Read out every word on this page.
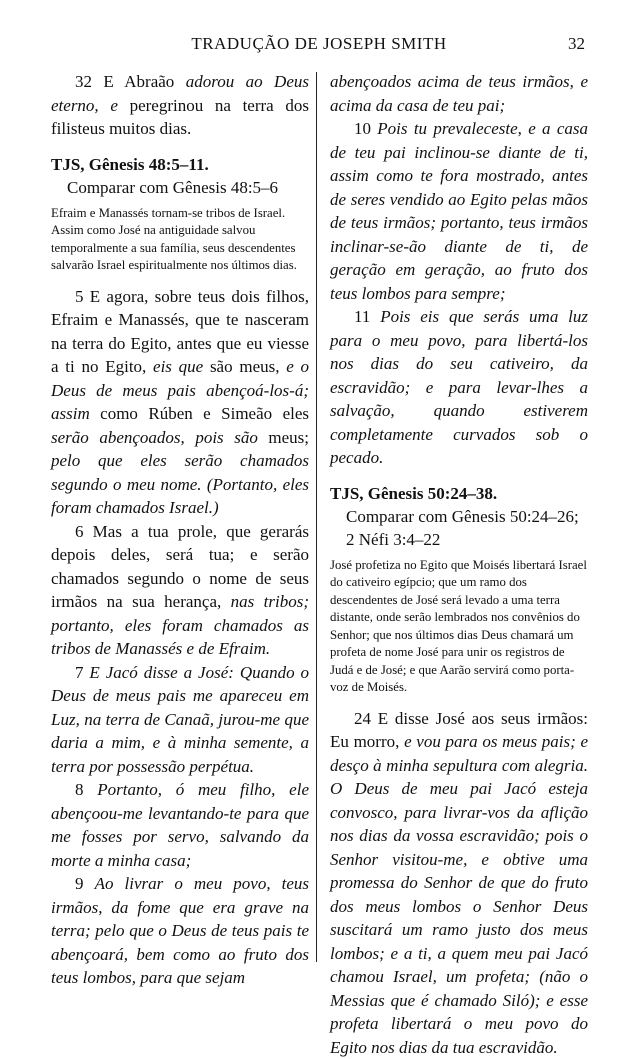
TRADUÇÃO DE JOSEPH SMITH	32

32 E Abraão adorou ao Deus eterno, e peregrinou na terra dos filisteus muitos dias.

TJS, Gênesis 48:5–11.
Comparar com Gênesis 48:5–6

Efraim e Manassés tornam-se tribos de Israel. Assim como José na antiguidade salvou temporalmente a sua família, seus descendentes salvarão Israel espiritualmente nos últimos dias.

5 E agora, sobre teus dois filhos, Efraim e Manassés, que te nasceram na terra do Egito, antes que eu viesse a ti no Egito, eis que são meus, e o Deus de meus pais abençoá-los-á; assim como Rúben e Simeão eles serão abençoados, pois são meus; pelo que eles serão chamados segundo o meu nome. (Portanto, eles foram chamados Israel.)

6 Mas a tua prole, que gerarás depois deles, será tua; e serão chamados segundo o nome de seus irmãos na sua herança, nas tribos; portanto, eles foram chamados as tribos de Manassés e de Efraim.

7 E Jacó disse a José: Quando o Deus de meus pais me apareceu em Luz, na terra de Canaã, jurou-me que daria a mim, e à minha semente, a terra por possessão perpétua.

8 Portanto, ó meu filho, ele abençoou-me levantando-te para que me fosses por servo, salvando da morte a minha casa;

9 Ao livrar o meu povo, teus irmãos, da fome que era grave na terra; pelo que o Deus de teus pais te abençoará, bem como ao fruto dos teus lombos, para que sejam

abençoados acima de teus irmãos, e acima da casa de teu pai;

10 Pois tu prevaleceste, e a casa de teu pai inclinou-se diante de ti, assim como te fora mostrado, antes de seres vendido ao Egito pelas mãos de teus irmãos; portanto, teus irmãos inclinar-se-ão diante de ti, de geração em geração, ao fruto dos teus lombos para sempre;

11 Pois eis que serás uma luz para o meu povo, para libertá-los nos dias do seu cativeiro, da escravidão; e para levar-lhes a salvação, quando estiverem completamente curvados sob o pecado.

TJS, Gênesis 50:24–38.
Comparar com Gênesis 50:24–26; 2 Néfi 3:4–22

José profetiza no Egito que Moisés libertará Israel do cativeiro egípcio; que um ramo dos descendentes de José será levado a uma terra distante, onde serão lembrados nos convênios do Senhor; que nos últimos dias Deus chamará um profeta de nome José para unir os registros de Judá e de José; e que Aarão servirá como porta-voz de Moisés.

24 E disse José aos seus irmãos: Eu morro, e vou para os meus pais; e desço à minha sepultura com alegria. O Deus de meu pai Jacó esteja convosco, para livrar-vos da aflição nos dias da vossa escravidão; pois o Senhor visitou-me, e obtive uma promessa do Senhor de que do fruto dos meus lombos o Senhor Deus suscitará um ramo justo dos meus lombos; e a ti, a quem meu pai Jacó chamou Israel, um profeta; (não o Messias que é chamado Siló); e esse profeta libertará o meu povo do Egito nos dias da tua escravidão.
